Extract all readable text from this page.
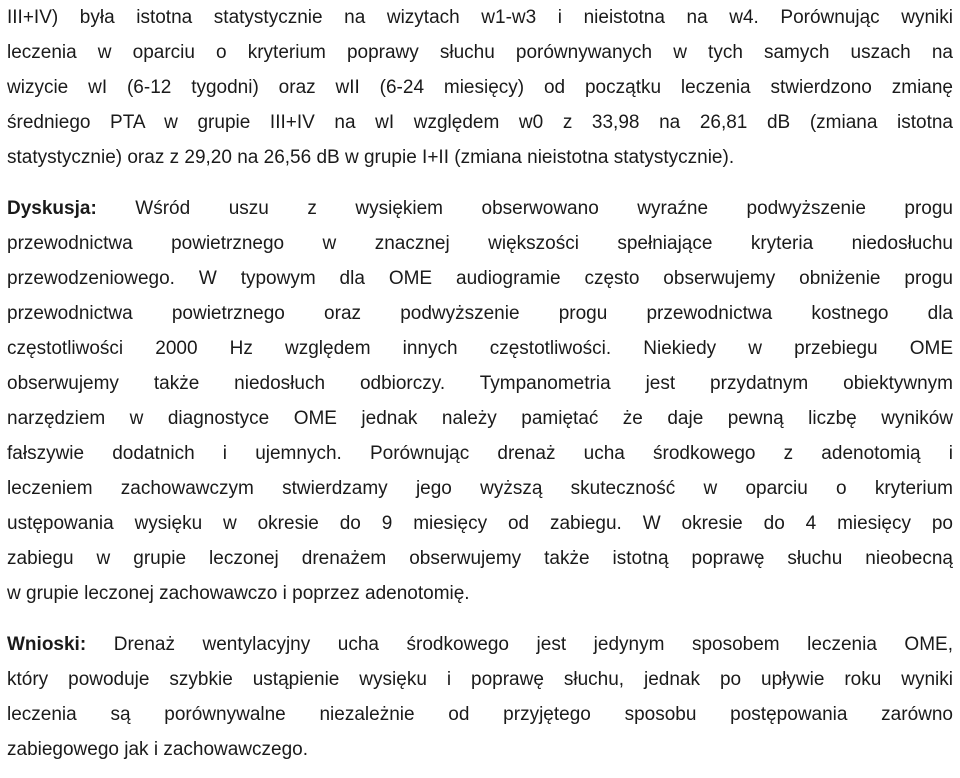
III+IV) była istotna statystycznie na wizytach w1-w3 i nieistotna na w4. Porównując wyniki
leczenia w oparciu o kryterium poprawy słuchu porównywanych w tych samych uszach na
wizycie wI (6-12 tygodni) oraz wII (6-24 miesięcy) od początku leczenia stwierdzono zmianę
średniego PTA w grupie III+IV na wI względem w0 z 33,98 na 26,81 dB (zmiana istotna
statystycznie) oraz z 29,20 na 26,56 dB w grupie I+II (zmiana nieistotna statystycznie).
Dyskusja: Wśród uszu z wysiękiem obserwowano wyraźne podwyższenie progu
przewodnictwa powietrznego w znacznej większości spełniające kryteria niedosłuchu
przewodzeniowego. W typowym dla OME audiogramie często obserwujemy obniżenie progu
przewodnictwa powietrznego oraz podwyższenie progu przewodnictwa kostnego dla
częstotliwości 2000 Hz względem innych częstotliwości. Niekiedy w przebiegu OME
obserwujemy także niedosłuch odbiorczy. Tympanometria jest przydatnym obiektywnym
narzędziem w diagnostyce OME jednak należy pamiętać że daje pewną liczbę wyników
fałszywie dodatnich i ujemnych. Porównując drenaż ucha środkowego z adenotomią i
leczeniem zachowawczym stwierdzamy jego wyższą skuteczność w oparciu o kryterium
ustępowania wysięku w okresie do 9 miesięcy od zabiegu. W okresie do 4 miesięcy po
zabiegu w grupie leczonej drenażem obserwujemy także istotną poprawę słuchu nieobecną
w grupie leczonej zachowawczo i poprzez adenotomię.
Wnioski: Drenaż wentylacyjny ucha środkowego jest jedynym sposobem leczenia OME,
który powoduje szybkie ustąpienie wysięku i poprawę słuchu, jednak po upływie roku wyniki
leczenia są porównywalne niezależnie od przyjętego sposobu postępowania zarówno
zabiegowego jak i zachowawczego.
